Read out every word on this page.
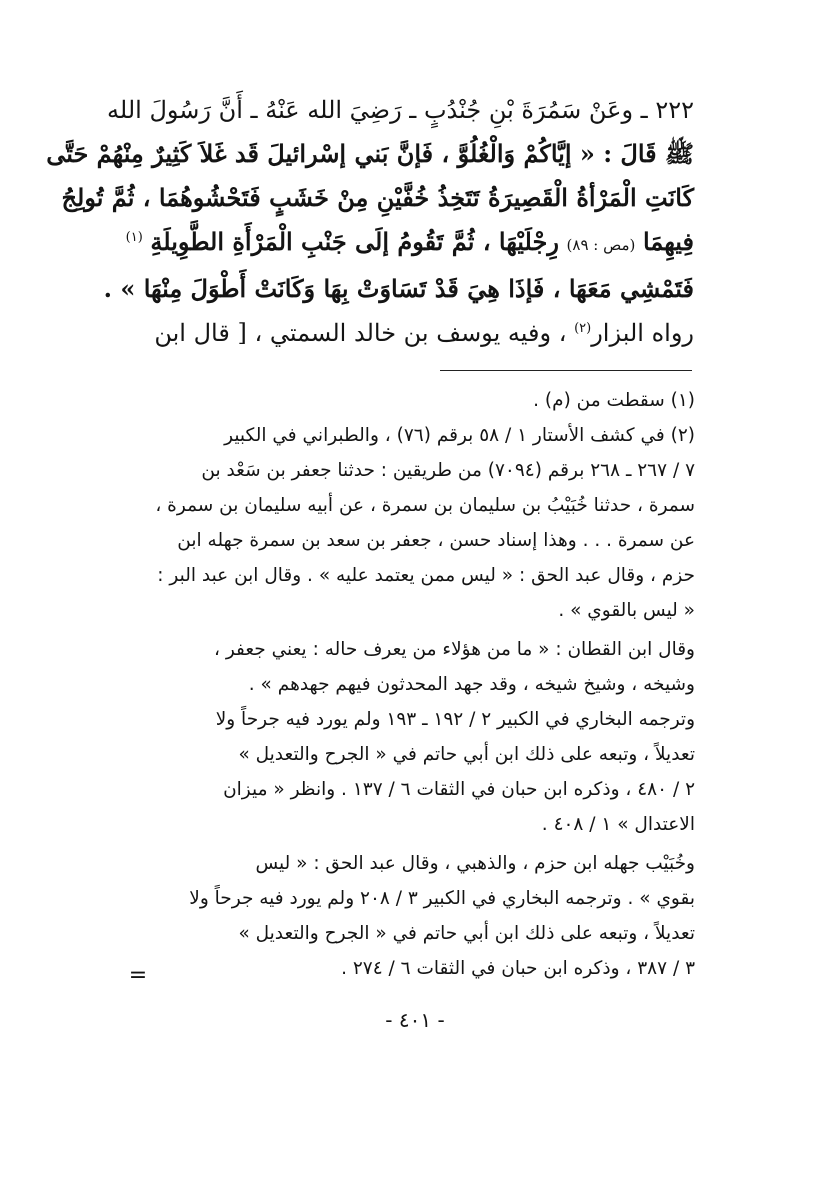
٢٢٢ ـ وعَنْ سَمُرَةَ بْنِ جُنْدُبٍ ـ رَضِيَ الله عَنْهُ ـ أَنَّ رَسُولَ الله
ﷺ قَالَ : « إيَّاكُمْ وَالْغُلُوَّ ، فَإنَّ بَني إسْرائيلَ قَد غَلاَ كَثِيرٌ مِنْهُمْ حَتَّى
كَانَتِ الْمَرْأةُ الْقَصِيرَةُ تَتَخِذُ خُفَّيْنِ مِنْ خَشَبٍ فَتَحْشُوهُمَا ، ثُمَّ تُولِجُ
فِيهِمَا (مص : ٨٩) رِجْلَيْهَا ، ثُمَّ تَقُومُ إلَى جَنْبِ الْمَرْأَةِ الطَّوِيلَةِ $^{(١)}$
فَتَمْشِي مَعَهَا ، فَإذَا هِيَ قَدْ تَسَاوَتْ بِهَا وَكَانَتْ أَطْوَلَ مِنْهَا » .
رواه البزار$^{(٢)}$ ، وفيه يوسف بن خالد السمتي ، [ قال ابن
(١) سقطت من (م) .
(٢) في كشف الأستار ١ / ٥٨ برقم (٧٦) ، والطبراني في الكبير
٧ / ٢٦٧ ـ ٢٦٨ برقم (٧٠٩٤) من طريقين : حدثنا جعفر بن سَعْد بن
سمرة ، حدثنا خُبَيْبُ بن سليمان بن سمرة ، عن أبيه سليمان بن سمرة ،
عن سمرة . . . وهذا إسناد حسن ، جعفر بن سعد بن سمرة جهله ابن
حزم ، وقال عبد الحق : « ليس ممن يعتمد عليه » . وقال ابن عبد البر :
« ليس بالقوي » .
وقال ابن القطان : « ما من هؤلاء من يعرف حاله : يعني جعفر ،
وشيخه ، وشيخ شيخه ، وقد جهد المحدثون فيهم جهدهم » .
وترجمه البخاري في الكبير ٢ / ١٩٢ ـ ١٩٣ ولم يورد فيه جرحاً ولا
تعديلاً ، وتبعه على ذلك ابن أبي حاتم في « الجرح والتعديل »
٢ / ٤٨٠ ، وذكره ابن حبان في الثقات ٦ / ١٣٧ . وانظر « ميزان
الاعتدال » ١ / ٤٠٨ .
وخُبَيْب جهله ابن حزم ، والذهبي ، وقال عبد الحق : « ليس
بقوي » . وترجمه البخاري في الكبير ٣ / ٢٠٨ ولم يورد فيه جرحاً ولا
تعديلاً ، وتبعه على ذلك ابن أبي حاتم في « الجرح والتعديل »
٣ / ٣٨٧ ، وذكره ابن حبان في الثقات ٦ / ٢٧٤ .
=
- ٤٠١ -
